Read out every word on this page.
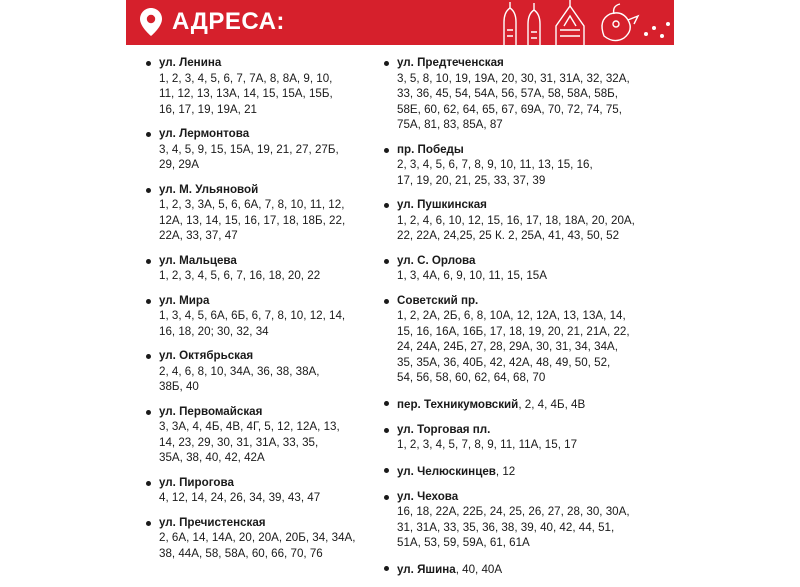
АДРЕСА:
ул. Ленина
1, 2, 3, 4, 5, 6, 7, 7А, 8, 8А, 9, 10,
11, 12, 13, 13А, 14, 15, 15А, 15Б,
16, 17, 19, 19А, 21
ул. Лермонтова
3, 4, 5, 9, 15, 15А, 19, 21, 27, 27Б,
29, 29А
ул. М. Ульяновой
1, 2, 3, 3А, 5, 6, 6А, 7, 8, 10, 11, 12,
12А, 13, 14, 15, 16, 17, 18, 18Б, 22,
22А, 33, 37, 47
ул. Мальцева
1, 2, 3, 4, 5, 6, 7, 16, 18, 20, 22
ул. Мира
1, 3, 4, 5, 6А, 6Б, 6, 7, 8, 10, 12, 14,
16, 18, 20; 30, 32, 34
ул. Октябрьская
2, 4, 6, 8, 10, 34А, 36, 38, 38А,
38Б, 40
ул. Первомайская
3, 3А, 4, 4Б, 4В, 4Г, 5, 12, 12А, 13,
14, 23, 29, 30, 31, 31А, 33, 35,
35А, 38, 40, 42, 42А
ул. Пирогова
4, 12, 14, 24, 26, 34, 39, 43, 47
ул. Пречистенская
2, 6А, 14, 14А, 20, 20А, 20Б, 34, 34А,
38, 44А, 58, 58А, 60, 66, 70, 76
ул. Предтеченская
3, 5, 8, 10, 19, 19А, 20, 30, 31, 31А, 32, 32А,
33, 36, 45, 54, 54А, 56, 57А, 58, 58А, 58Б,
58Е, 60, 62, 64, 65, 67, 69А, 70, 72, 74, 75,
75А, 81, 83, 85А, 87
пр. Победы
2, 3, 4, 5, 6, 7, 8, 9, 10, 11, 13, 15, 16,
17, 19, 20, 21, 25, 33, 37, 39
ул. Пушкинская
1, 2, 4, 6, 10, 12, 15, 16, 17, 18, 18А, 20, 20А,
22, 22А, 24,25, 25 К. 2, 25А, 41, 43, 50, 52
ул. С. Орлова
1, 3, 4А, 6, 9, 10, 11, 15, 15А
Советский пр.
1, 2, 2А, 2Б, 6, 8, 10А, 12, 12А, 13, 13А, 14,
15, 16, 16А, 16Б, 17, 18, 19, 20, 21, 21А, 22,
24, 24А, 24Б, 27, 28, 29А, 30, 31, 34, 34А,
35, 35А, 36, 40Б, 42, 42А, 48, 49, 50, 52,
54, 56, 58, 60, 62, 64, 68, 70
пер. Техникумовский, 2, 4, 4Б, 4В
ул. Торговая пл.
1, 2, 3, 4, 5, 7, 8, 9, 11, 11А, 15, 17
ул. Челюскинцев, 12
ул. Чехова
16, 18, 22А, 22Б, 24, 25, 26, 27, 28, 30, 30А,
31, 31А, 33, 35, 36, 38, 39, 40, 42, 44, 51,
51А, 53, 59, 59А, 61, 61А
ул. Яшина, 40, 40А
